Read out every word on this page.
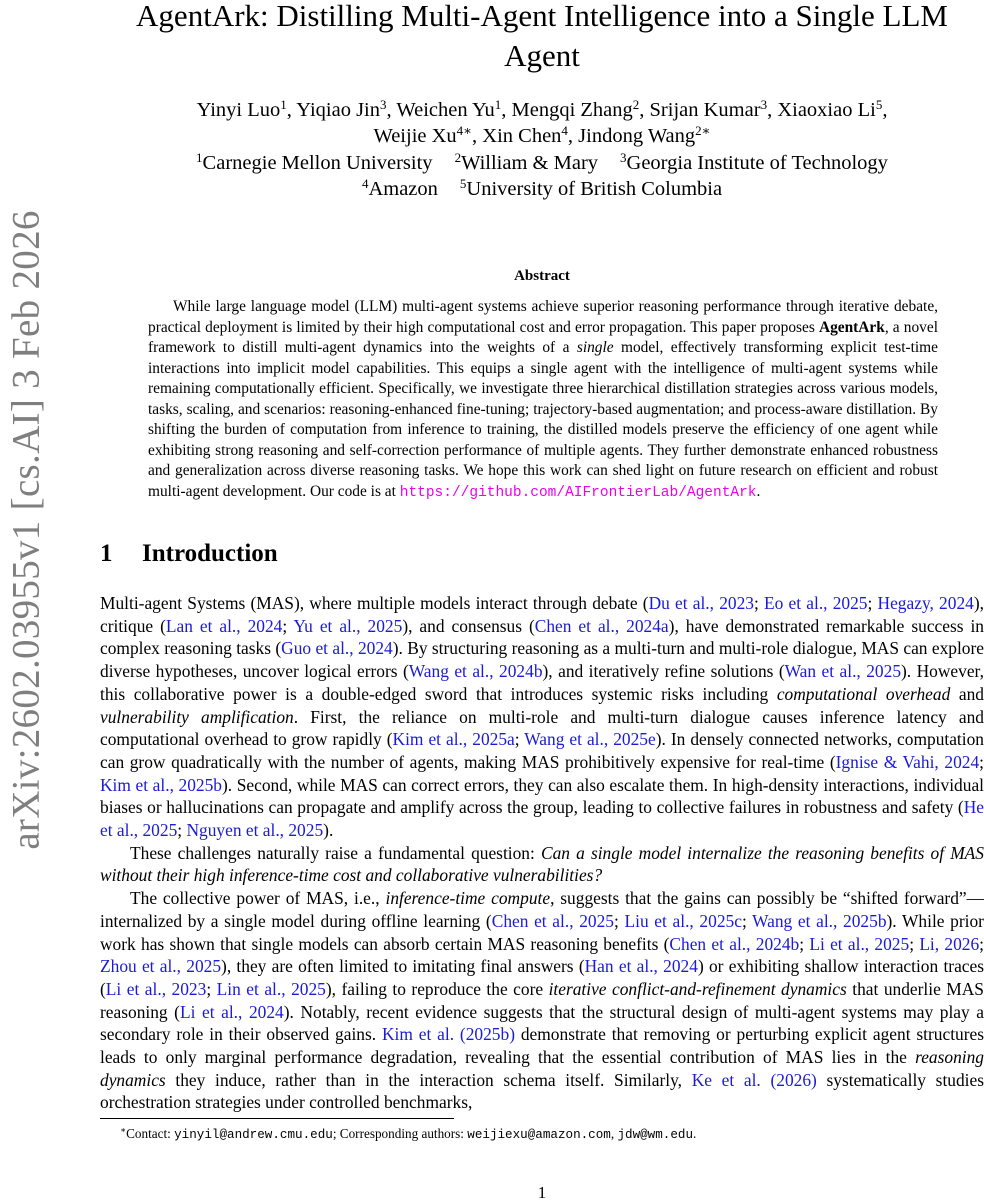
arXiv:2602.03955v1 [cs.AI] 3 Feb 2026
AgentArk: Distilling Multi-Agent Intelligence into a Single LLM Agent
Yinyi Luo$^1$, Yiqiao Jin$^3$, Weichen Yu$^1$, Mengqi Zhang$^2$, Srijan Kumar$^3$, Xiaoxiao Li$^5$,
Weijie $Xu^{4∗}$, Xin Chen$^4$, Jindong Wang$^{2∗}$
$^1$Carnegie Mellon University $^2$William & Mary $^3$Georgia Institute of Technology
$^4$Amazon $^5$University of British Columbia
Abstract

While large language model (LLM) multi-agent systems achieve superior reasoning performance through iterative debate, practical deployment is limited by their high computational cost and error propagation. This paper proposes AgentArk, a novel framework to distill multi-agent dynamics into the weights of a single model, effectively transforming explicit test-time interactions into implicit model capabilities. This equips a single agent with the intelligence of multi-agent systems while remaining computationally efficient. Specifically, we investigate three hierarchical distillation strategies across various models, tasks, scaling, and scenarios: reasoning-enhanced fine-tuning; trajectory-based augmentation; and process-aware distillation. By shifting the burden of computation from inference to training, the distilled models preserve the efficiency of one agent while exhibiting strong reasoning and self-correction performance of multiple agents. They further demonstrate enhanced robustness and generalization across diverse reasoning tasks. We hope this work can shed light on future research on efficient and robust multi-agent development. Our code is at https://github.com/AIFrontierLab/AgentArk.

1 Introduction

Multi-agent Systems (MAS), where multiple models interact through debate (Du et al., 2023; Eo et al., 2025; Hegazy, 2024), critique (Lan et al., 2024; Yu et al., 2025), and consensus (Chen et al., 2024a), have demonstrated remarkable success in complex reasoning tasks (Guo et al., 2024). By structuring reasoning as a multi-turn and multi-role dialogue, MAS can explore diverse hypotheses, uncover logical errors (Wang et al., 2024b), and iteratively refine solutions (Wan et al., 2025). However, this collaborative power is a double-edged sword that introduces systemic risks including computational overhead and vulnerability amplification. First, the reliance on multi-role and multi-turn dialogue causes inference latency and computational overhead to grow rapidly (Kim et al., 2025a; Wang et al., 2025e). In densely connected networks, computation can grow quadratically with the number of agents, making MAS prohibitively expensive for real-time (Ignise & Vahi, 2024; Kim et al., 2025b). Second, while MAS can correct errors, they can also escalate them. In high-density interactions, individual biases or hallucinations can propagate and amplify across the group, leading to collective failures in robustness and safety (He et al., 2025; Nguyen et al., 2025).

These challenges naturally raise a fundamental question: Can a single model internalize the reasoning benefits of MAS without their high inference-time cost and collaborative vulnerabilities?

The collective power of MAS, i.e., inference-time compute, suggests that the gains can possibly be “shifted forward”—internalized by a single model during offline learning (Chen et al., 2025; Liu et al., 2025c; Wang et al., 2025b). While prior work has shown that single models can absorb certain MAS reasoning benefits (Chen et al., 2024b; Li et al., 2025; Li, 2026; Zhou et al., 2025), they are often limited to imitating final answers (Han et al., 2024) or exhibiting shallow interaction traces (Li et al., 2023; Lin et al., 2025), failing to reproduce the core iterative conflict-and-refinement dynamics that underlie MAS reasoning (Li et al., 2024). Notably, recent evidence suggests that the structural design of multi-agent systems may play a secondary role in their observed gains. Kim et al. (2025b) demonstrate that removing or perturbing explicit agent structures leads to only marginal performance degradation, revealing that the essential contribution of MAS lies in the reasoning dynamics they induce, rather than in the interaction schema itself. Similarly, Ke et al. (2026) systematically studies orchestration strategies under controlled benchmarks,

∗Contact: yinyil@andrew.cmu.edu; Corresponding authors: weijiexu@amazon.com, jdw@wm.edu.
1
